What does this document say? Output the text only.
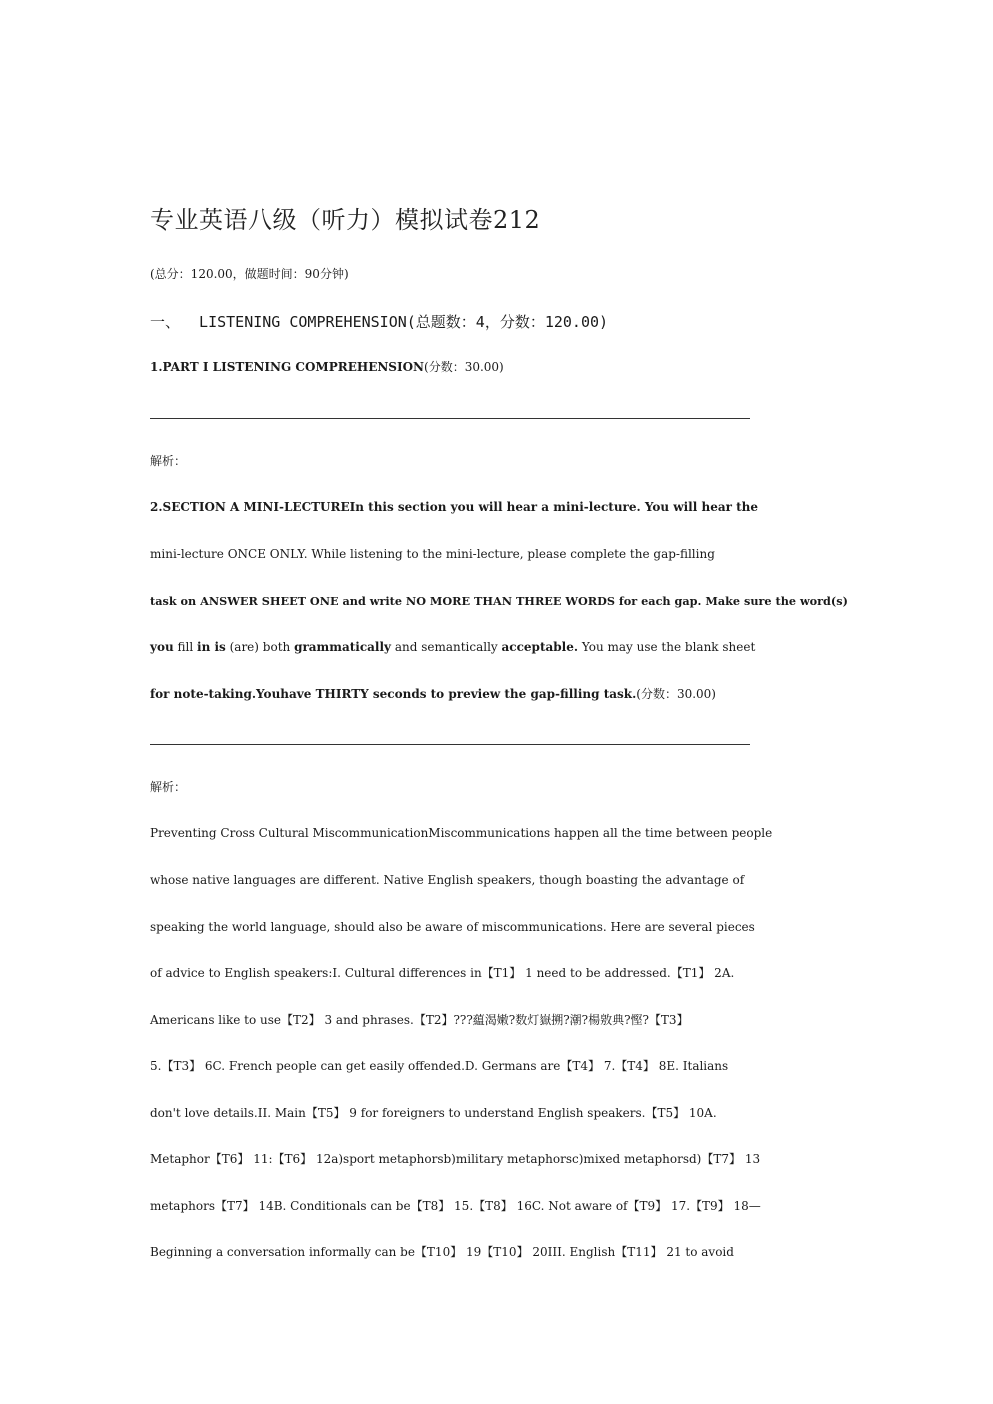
专业英语八级（听力）模拟试卷212
(总分：120.00，做题时间：90分钟)
一、 LISTENING COMPREHENSION(总题数：4，分数：120.00)
1.PART I LISTENING COMPREHENSION(分数：30.00)
解析：
2.SECTION A MINI-LECTUREIn this section you will hear a mini-lecture. You will hear the
mini-lecture ONCE ONLY. While listening to the mini-lecture, please complete the gap-filling
task on ANSWER SHEET ONE and write NO MORE THAN THREE WORDS for each gap. Make sure the word(s)
you fill in is (are) both grammatically and semantically acceptable. You may use the blank sheet
for note-taking.Youhave THIRTY seconds to preview the gap-filling task.(分数：30.00)
解析：
Preventing Cross Cultural MiscommunicationMiscommunications happen all the time between people
whose native languages are different. Native English speakers, though boasting the advantage of
speaking the world language, should also be aware of miscommunications. Here are several pieces
of advice to English speakers:I. Cultural differences in【T1】 1 need to be addressed.【T1】 2A.
Americans like to use【T2】 3 and phrases.【T2】???藴渴嫩?数灯嶽搠?潮?楊敫典?慳?【T3】
5.【T3】 6C. French people can get easily offended.D. Germans are【T4】 7.【T4】 8E. Italians
don't love details.II. Main【T5】 9 for foreigners to understand English speakers.【T5】 10A.
Metaphor【T6】 11:【T6】 12a)sport metaphorsb)military metaphorsc)mixed metaphorsd)【T7】 13
metaphors【T7】 14B. Conditionals can be【T8】 15.【T8】 16C. Not aware of【T9】 17.【T9】 18—
Beginning a conversation informally can be【T10】 19【T10】 20III. English【T11】 21 to avoid
